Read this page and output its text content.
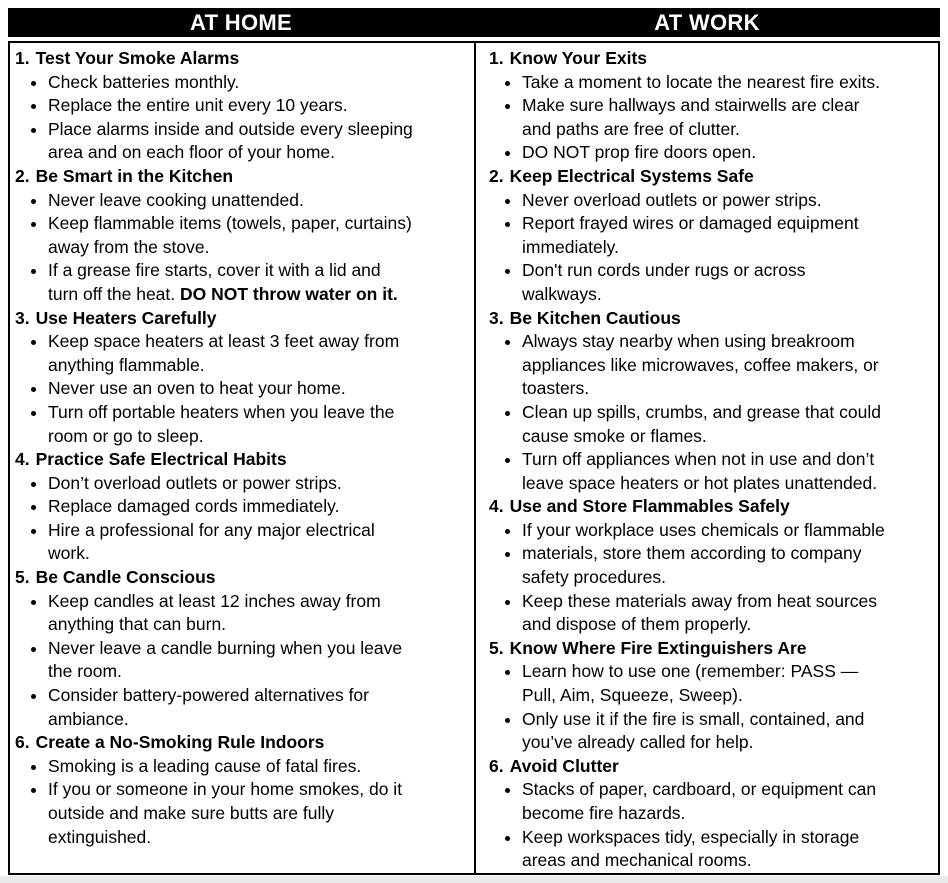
AT HOME	AT WORK
1. Test Your Smoke Alarms
• Check batteries monthly.
• Replace the entire unit every 10 years.
• Place alarms inside and outside every sleeping
area and on each floor of your home.
2. Be Smart in the Kitchen
• Never leave cooking unattended.
• Keep flammable items (towels, paper, curtains)
away from the stove.
• If a grease fire starts, cover it with a lid and
turn off the heat. DO NOT throw water on it.
3. Use Heaters Carefully
• Keep space heaters at least 3 feet away from
anything flammable.
• Never use an oven to heat your home.
• Turn off portable heaters when you leave the
room or go to sleep.
4. Practice Safe Electrical Habits
• Don’t overload outlets or power strips.
• Replace damaged cords immediately.
• Hire a professional for any major electrical
work.
5. Be Candle Conscious
• Keep candles at least 12 inches away from
anything that can burn.
• Never leave a candle burning when you leave
the room.
• Consider battery-powered alternatives for
ambiance.
6. Create a No-Smoking Rule Indoors
• Smoking is a leading cause of fatal fires.
• If you or someone in your home smokes, do it
outside and make sure butts are fully
extinguished.
1. Know Your Exits
• Take a moment to locate the nearest fire exits.
• Make sure hallways and stairwells are clear
and paths are free of clutter.
• DO NOT prop fire doors open.
2. Keep Electrical Systems Safe
• Never overload outlets or power strips.
• Report frayed wires or damaged equipment
immediately.
• Don't run cords under rugs or across
walkways.
3. Be Kitchen Cautious
• Always stay nearby when using breakroom
appliances like microwaves, coffee makers, or
toasters.
• Clean up spills, crumbs, and grease that could
cause smoke or flames.
• Turn off appliances when not in use and don’t
leave space heaters or hot plates unattended.
4. Use and Store Flammables Safely
• If your workplace uses chemicals or flammable
• materials, store them according to company
safety procedures.
• Keep these materials away from heat sources
and dispose of them properly.
5. Know Where Fire Extinguishers Are
• Learn how to use one (remember: PASS —
Pull, Aim, Squeeze, Sweep).
• Only use it if the fire is small, contained, and
you’ve already called for help.
6. Avoid Clutter
• Stacks of paper, cardboard, or equipment can
become fire hazards.
• Keep workspaces tidy, especially in storage
areas and mechanical rooms.
